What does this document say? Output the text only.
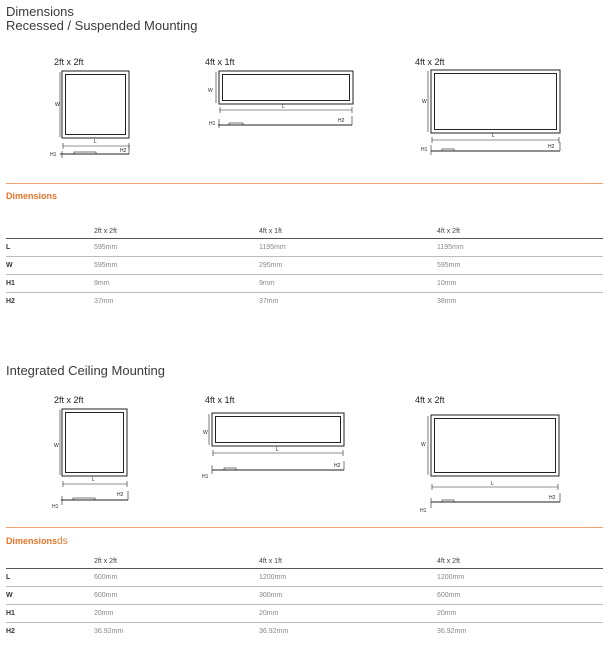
Dimensions
Recessed / Suspended Mounting
2ft x 2ft	4ft x 1ft	4ft x 2ft
W
L
H1
H2
W
L
H1	H2
W
L
H1	H2
Dimensions
	2ft x 2ft	4ft x 1ft	4ft x 2ft
L	595mm	1195mm	1195mm
W	595mm	295mm	595mm
H1	9mm	9mm	10mm
H2	37mm	37mm	38mm
Integrated Ceiling Mounting
2ft x 2ft	4ft x 1ft	4ft x 2ft
W
L
H1
H2
W
L
H1
H2
W
L
H1
H2
Dimensionsds
	2ft x 2ft	4ft x 1ft	4ft x 2ft
L	600mm	1200mm	1200mm
W	600mm	300mm	600mm
H1	20mm	20mm	20mm
H2	36.92mm	36.92mm	36.92mm
